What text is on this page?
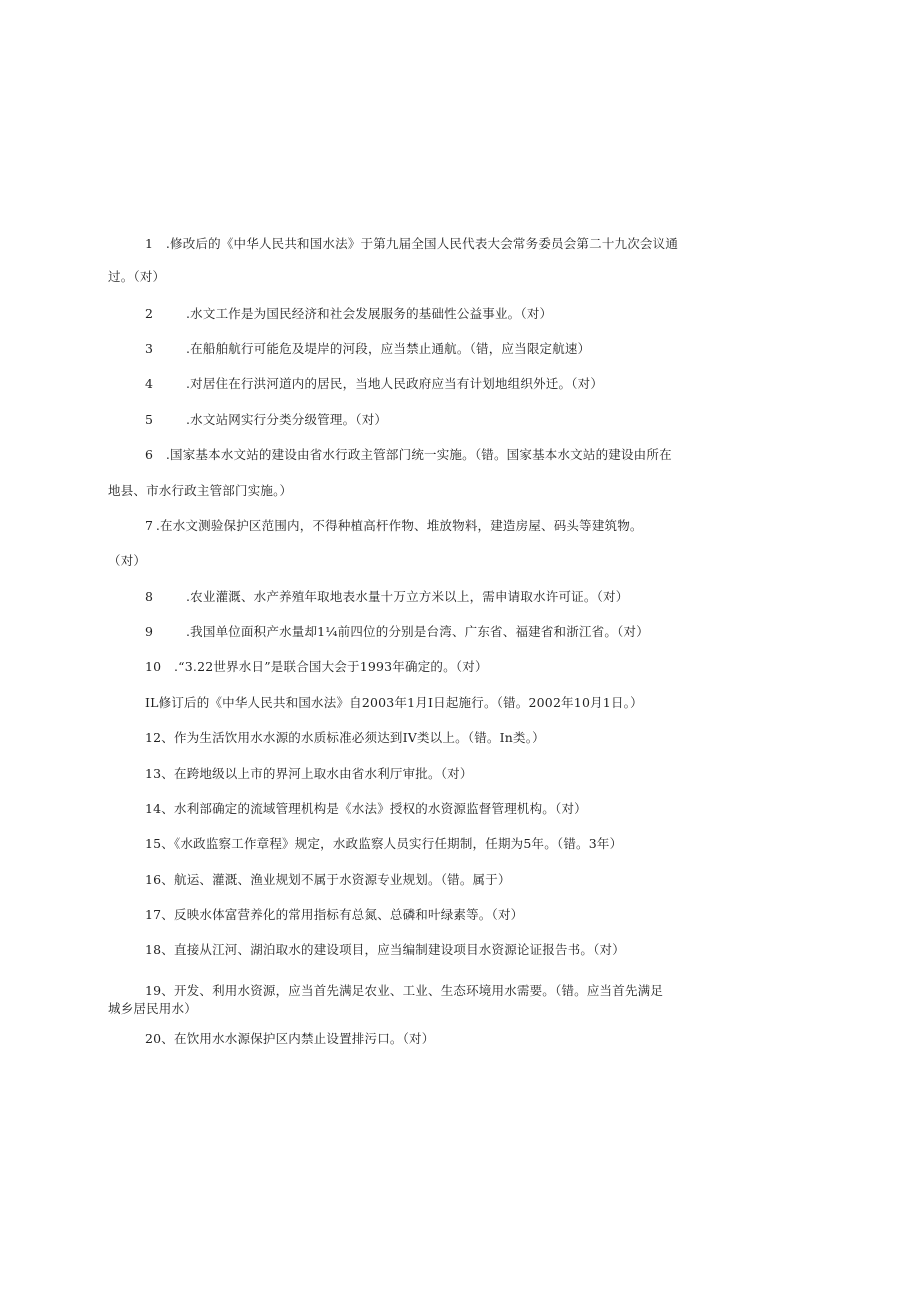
1　.修改后的《中华人民共和国水法》于第九届全国人民代表大会常务委员会第二十九次会议通
过。（对）
2	.水文工作是为国民经济和社会发展服务的基础性公益事业。（对）
3	.在船舶航行可能危及堤岸的河段，应当禁止通航。（错，应当限定航速）
4	.对居住在行洪河道内的居民，当地人民政府应当有计划地组织外迁。（对）
5	.水文站网实行分类分级管理。（对）
6　.国家基本水文站的建设由省水行政主管部门统一实施。（错。国家基本水文站的建设由所在
地县、市水行政主管部门实施。）
7 .在水文测验保护区范围内，不得种植高杆作物、堆放物料，建造房屋、码头等建筑物。
（对）
8	.农业灌溉、水产养殖年取地表水量十万立方米以上，需申请取水许可证。（对）
9	.我国单位面积产水量却1¼前四位的分别是台湾、广东省、福建省和浙江省。（对）
10　.“3.22世界水日”是联合国大会于1993年确定的。（对）
IL修订后的《中华人民共和国水法》自2003年1月I日起施行。（错。2002年10月1日。）
12、作为生活饮用水水源的水质标准必须达到IV类以上。（错。In类。）
13、在跨地级以上市的界河上取水由省水利厅审批。（对）
14、水利部确定的流域管理机构是《水法》授权的水资源监督管理机构。（对）
15、《水政监察工作章程》规定，水政监察人员实行任期制，任期为5年。（错。3年）
16、航运、灌溉、渔业规划不属于水资源专业规划。（错。属于）
17、反映水体富营养化的常用指标有总氮、总磷和叶绿素等。（对）
18、直接从江河、湖泊取水的建设项目，应当编制建设项目水资源论证报告书。（对）
19、开发、利用水资源，应当首先满足农业、工业、生态环境用水需要。（错。应当首先满足
城乡居民用水）
20、在饮用水水源保护区内禁止设置排污口。（对）
